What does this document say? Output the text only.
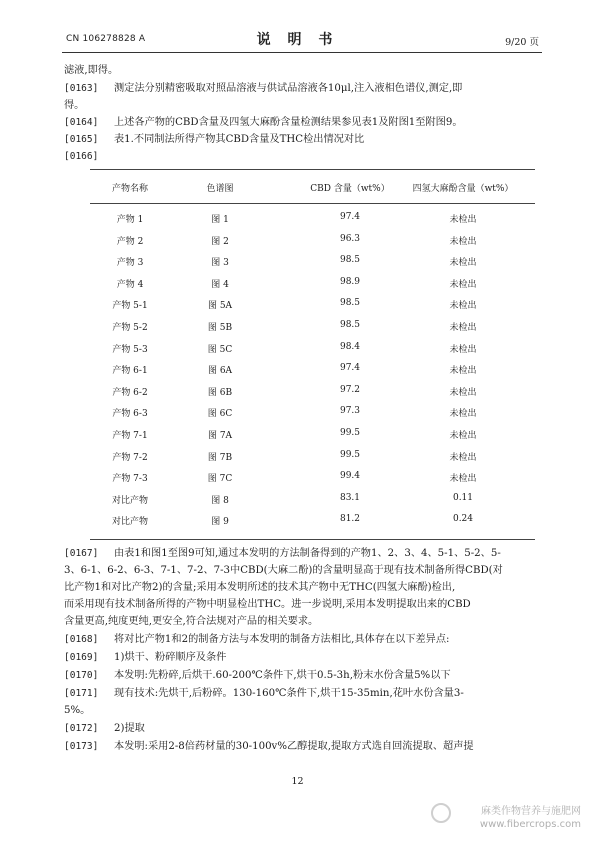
CN 106278828 A	说 明 书	9/20 页
滤液,即得。
[0163] 测定法分别精密吸取对照品溶液与供试品溶液各10μl,注入液相色谱仪,测定,即
得。
[0164] 上述各产物的CBD含量及四氢大麻酚含量检测结果参见表1及附图1至附图9。
[0165] 表1.不同制法所得产物其CBD含量及THC检出情况对比
[0166]
产物名称	色谱图	CBD 含量（wt%）	四氢大麻酚含量（wt%）
产物 1	图 1	97.4	未检出
产物 2	图 2	96.3	未检出
产物 3	图 3	98.5	未检出
产物 4	图 4	98.9	未检出
产物 5-1	图 5A	98.5	未检出
产物 5-2	图 5B	98.5	未检出
产物 5-3	图 5C	98.4	未检出
产物 6-1	图 6A	97.4	未检出
产物 6-2	图 6B	97.2	未检出
产物 6-3	图 6C	97.3	未检出
产物 7-1	图 7A	99.5	未检出
产物 7-2	图 7B	99.5	未检出
产物 7-3	图 7C	99.4	未检出
对比产物	图 8	83.1	0.11
对比产物	图 9	81.2	0.24
[0167] 由表1和图1至图9可知,通过本发明的方法制备得到的产物1、2、3、4、5-1、5-2、5-
3、6-1、6-2、6-3、7-1、7-2、7-3中CBD(大麻二酚)的含量明显高于现有技术制备所得CBD(对
比产物1和对比产物2)的含量;采用本发明所述的技术其产物中无THC(四氢大麻酚)检出,
而采用现有技术制备所得的产物中明显检出THC。进一步说明,采用本发明提取出来的CBD
含量更高,纯度更纯,更安全,符合法规对产品的相关要求。
[0168] 将对比产物1和2的制备方法与本发明的制备方法相比,具体存在以下差异点:
[0169] 1)烘干、粉碎顺序及条件
[0170] 本发明:先粉碎,后烘干.60-200℃条件下,烘干0.5-3h,粉末水份含量5%以下
[0171] 现有技术:先烘干,后粉碎。130-160℃条件下,烘干15-35min,花叶水份含量3-
5%。
[0172] 2)提取
[0173] 本发明:采用2-8倍药材量的30-100v%乙醇提取,提取方式选自回流提取、超声提
12
麻类作物营养与施肥网
www.fibercrops.com
